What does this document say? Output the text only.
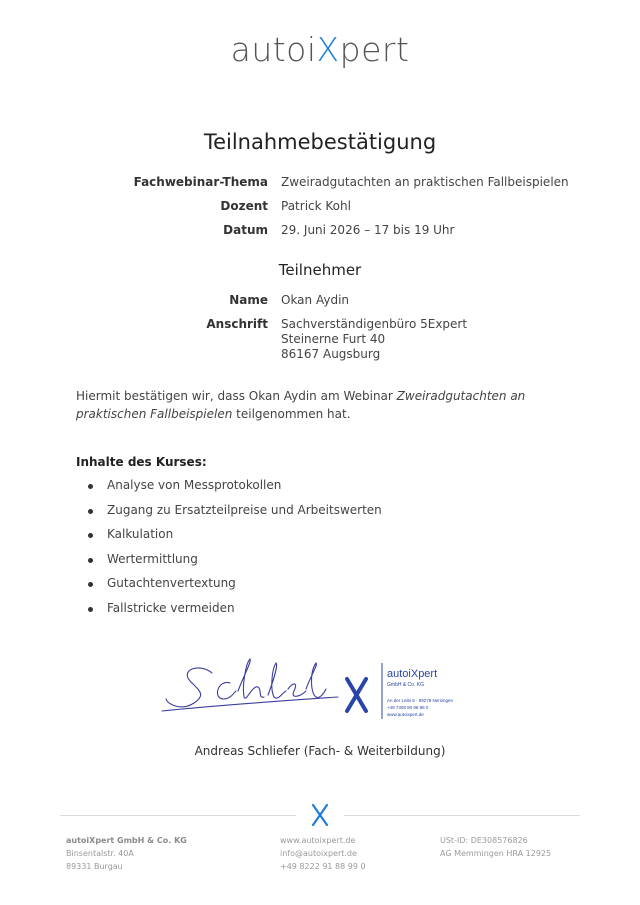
autoiXpert
Teilnahmebestätigung
Fachwebinar-Thema Zweiradgutachten an praktischen Fallbeispielen
Dozent Patrick Kohl
Datum 29. Juni 2026 – 17 bis 19 Uhr
Teilnehmer
Name Okan Aydin
Anschrift Sachverständigenbüro 5Expert
Steinerne Furt 40
86167 Augsburg
Hiermit bestätigen wir, dass Okan Aydin am Webinar Zweiradgutachten an praktischen Fallbeispielen teilgenommen hat.
Inhalte des Kurses:
Analyse von Messprotokollen
Zugang zu Ersatzteilpreise und Arbeitswerten
Kalkulation
Wertermittlung
Gutachtenvertextung
Fallstricke vermeiden
autoiXpert
GmbH & Co. KG
An der Leibi 6 · 89278 Nersingen
+49 7308 80 98 98 0
www.autoixpert.de
Andreas Schliefer (Fach- & Weiterbildung)
autoiXpert GmbH & Co. KG
Binsentalstr. 40A
89331 Burgau
www.autoixpert.de
info@autoixpert.de
+49 8222 91 88 99 0
USt-ID: DE308576826
AG Memmingen HRA 12925
